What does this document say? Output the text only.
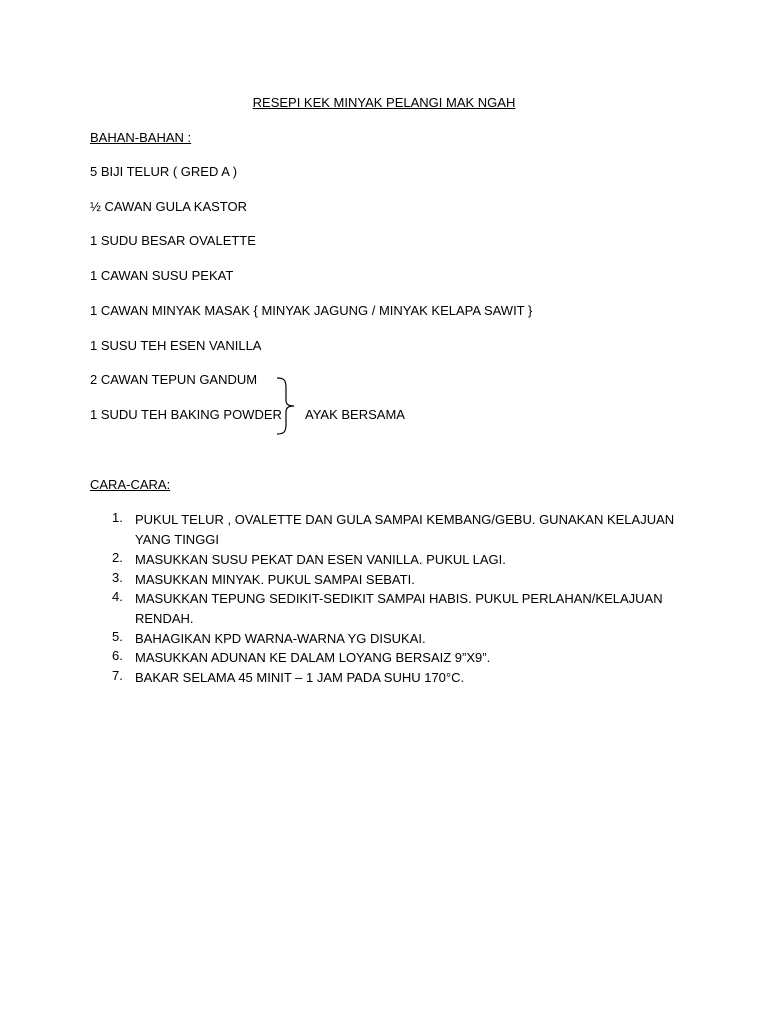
RESEPI KEK MINYAK PELANGI MAK NGAH
BAHAN-BAHAN :
5 BIJI TELUR ( GRED A )
½ CAWAN GULA KASTOR
1 SUDU BESAR OVALETTE
1 CAWAN SUSU PEKAT
1 CAWAN MINYAK MASAK { MINYAK JAGUNG / MINYAK KELAPA SAWIT }
1 SUSU TEH ESEN VANILLA
2 CAWAN TEPUN GANDUM
1 SUDU TEH BAKING POWDER AYAK BERSAMA
CARA-CARA:
1. PUKUL TELUR , OVALETTE DAN GULA SAMPAI KEMBANG/GEBU. GUNAKAN KELAJUAN YANG TINGGI
2. MASUKKAN SUSU PEKAT DAN ESEN VANILLA. PUKUL LAGI.
3. MASUKKAN MINYAK. PUKUL SAMPAI SEBATI.
4. MASUKKAN TEPUNG SEDIKIT-SEDIKIT SAMPAI HABIS. PUKUL PERLAHAN/KELAJUAN RENDAH.
5. BAHAGIKAN KPD WARNA-WARNA YG DISUKAI.
6. MASUKKAN ADUNAN KE DALAM LOYANG BERSAIZ 9”X9”.
7. BAKAR SELAMA 45 MINIT – 1 JAM PADA SUHU 170°C.
